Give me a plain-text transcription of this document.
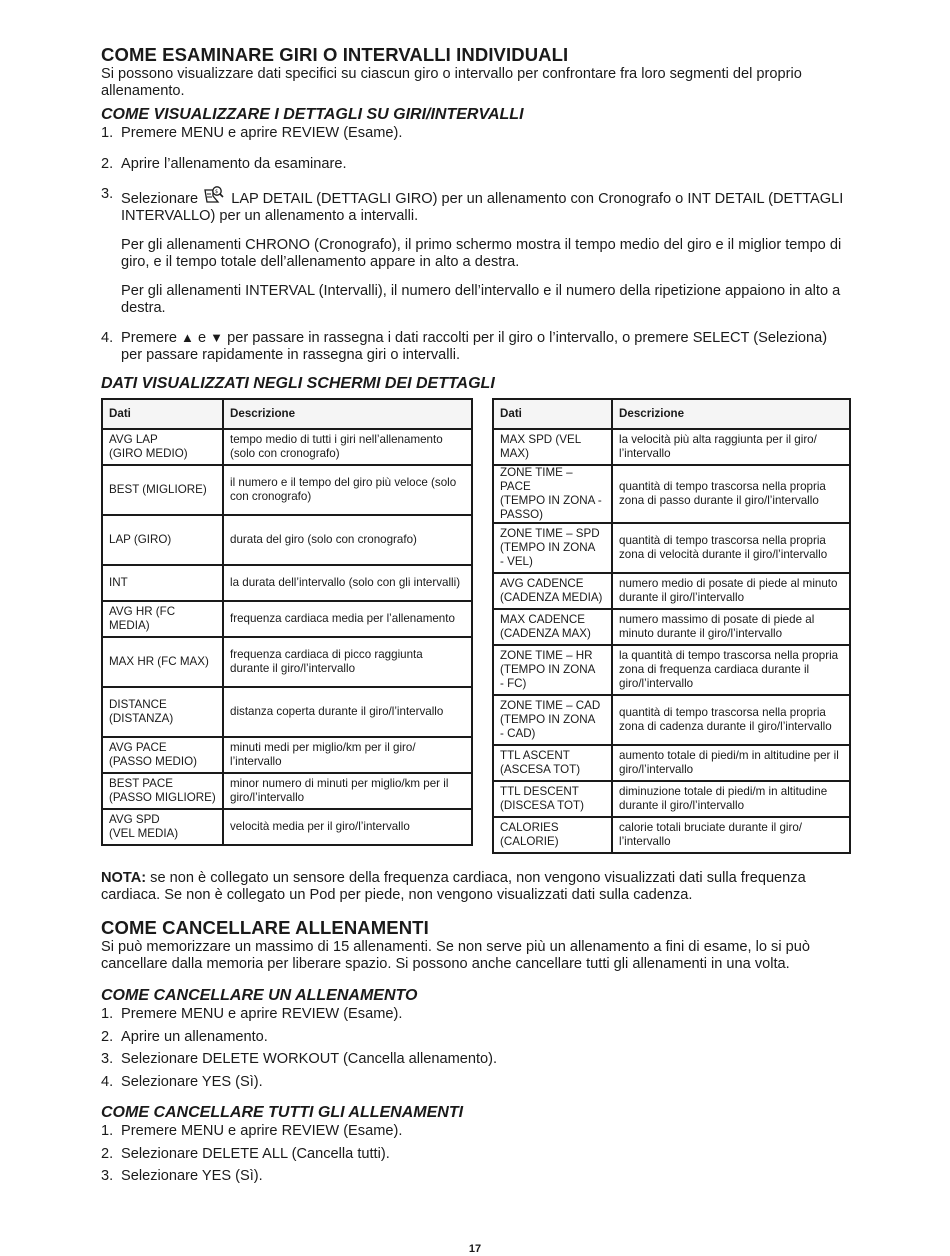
COME ESAMINARE GIRI O INTERVALLI INDIVIDUALI

Si possono visualizzare dati specifici su ciascun giro o intervallo per confrontare fra loro segmenti del proprio allenamento.

COME VISUALIZZARE I DETTAGLI SU GIRI/INTERVALLI
1. Premere MENU e aprire REVIEW (Esame).
2. Aprire l’allenamento da esaminare.
3. Selezionare	$ LAP DETAIL (DETTAGLI GIRO) per un allenamento con Cronografo o INT DETAIL (DETTAGLI INTERVALLO) per un allenamento a intervalli.

Per gli allenamenti CHRONO (Cronografo), il primo schermo mostra il tempo medio del giro e il miglior tempo di giro, e il tempo totale dell’allenamento appare in alto a destra.

Per gli allenamenti INTERVAL (Intervalli), il numero dell’intervallo e il numero della ripetizione appaiono in alto a destra.

4. Premere ▲ e ▼ per passare in rassegna i dati raccolti per il giro o l’intervallo, o premere SELECT (Seleziona) per passare rapidamente in rassegna giri o intervalli.
DATI VISUALIZZATI NEGLI SCHERMI DEI DETTAGLI
Dati	Descrizione
AVG LAP
(GIRO MEDIO)	tempo medio di tutti i giri nell’allenamento (solo con cronografo)
BEST (MIGLIORE)	il numero e il tempo del giro più veloce (solo con cronografo)
LAP (GIRO)	durata del giro (solo con cronografo)
INT	la durata dell’intervallo (solo con gli intervalli)
AVG HR (FC MEDIA)	frequenza cardiaca media per l’allenamento
MAX HR (FC MAX)	frequenza cardiaca di picco raggiunta durante il giro/l’intervallo
DISTANCE
(DISTANZA)	distanza coperta durante il giro/l’intervallo
AVG PACE
(PASSO MEDIO)	minuti medi per miglio/km per il giro/ l’intervallo
BEST PACE
(PASSO MIGLIORE)	minor numero di minuti per miglio/km per il giro/l’intervallo
AVG SPD
(VEL MEDIA)	velocità media per il giro/l’intervallo
Dati	Descrizione
MAX SPD (VEL
MAX)	la velocità più alta raggiunta per il giro/ l’intervallo
ZONE TIME – PACE
(TEMPO IN ZONA -
PASSO)	quantità di tempo trascorsa nella propria zona di passo durante il giro/l’intervallo
ZONE TIME – SPD
(TEMPO IN ZONA
- VEL)	quantità di tempo trascorsa nella propria zona di velocità durante il giro/l’intervallo
AVG CADENCE
(CADENZA MEDIA)	numero medio di posate di piede al minuto durante il giro/l’intervallo
MAX CADENCE
(CADENZA MAX)	numero massimo di posate di piede al minuto durante il giro/l’intervallo
ZONE TIME – HR
(TEMPO IN ZONA
- FC)	la quantità di tempo trascorsa nella propria zona di frequenza cardiaca durante il giro/l’intervallo
ZONE TIME – CAD
(TEMPO IN ZONA
- CAD)	quantità di tempo trascorsa nella propria zona di cadenza durante il giro/l’intervallo
TTL ASCENT
(ASCESA TOT)	aumento totale di piedi/m in altitudine per il giro/l’intervallo
TTL DESCENT
(DISCESA TOT)	diminuzione totale di piedi/m in altitudine durante il giro/l’intervallo
CALORIES (CALORIE)	calorie totali bruciate durante il giro/ l’intervallo

NOTA: se non è collegato un sensore della frequenza cardiaca, non vengono visualizzati dati sulla frequenza cardiaca. Se non è collegato un Pod per piede, non vengono visualizzati dati sulla cadenza.

COME CANCELLARE ALLENAMENTI

Si può memorizzare un massimo di 15 allenamenti. Se non serve più un allenamento a fini di esame, lo si può cancellare dalla memoria per liberare spazio. Si possono anche cancellare tutti gli allenamenti in una volta.

COME CANCELLARE UN ALLENAMENTO
1. Premere MENU e aprire REVIEW (Esame).
2. Aprire un allenamento.
3. Selezionare DELETE WORKOUT (Cancella allenamento).
4. Selezionare YES (Sì).
COME CANCELLARE TUTTI GLI ALLENAMENTI
1. Premere MENU e aprire REVIEW (Esame).
2. Selezionare DELETE ALL (Cancella tutti).
3. Selezionare YES (Sì).
17
